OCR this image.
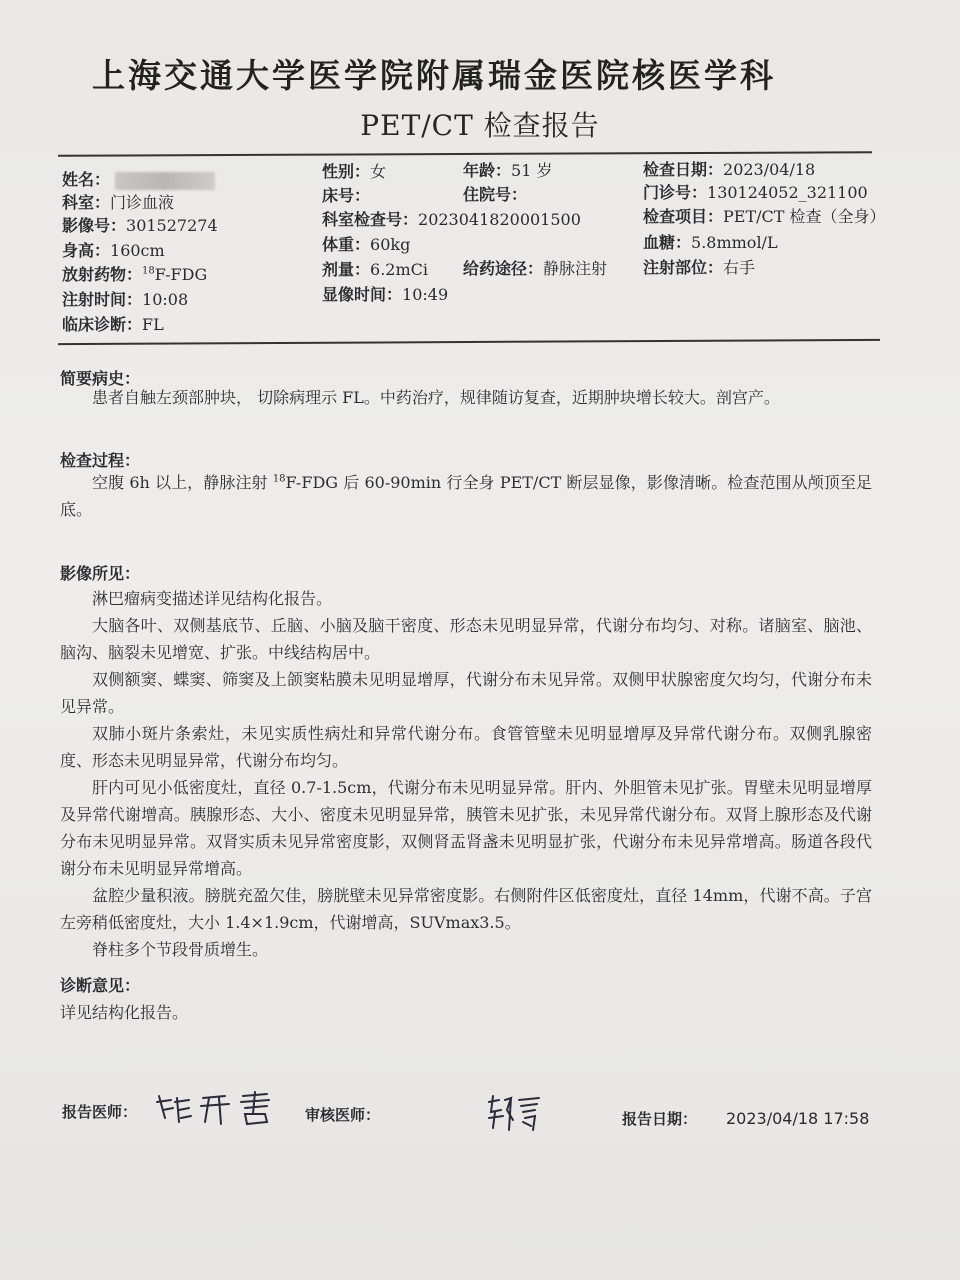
上海交通大学医学院附属瑞金医院核医学科
PET/CT 检查报告
姓名：
科室：门诊血液
影像号：301527274
身高：160cm
放射药物：$^{18}$F-FDG
注射时间：10:08
临床诊断：FL
性别：女
床号：
科室检查号：2023041820001500
体重：60kg
剂量：6.2mCi
显像时间：10:49
年龄：51 岁
住院号：
给药途径：静脉注射
检查日期：2023/04/18
门诊号：130124052_321100
检查项目：PET/CT 检查（全身）
血糖：5.8mmol/L
注射部位：右手
简要病史：

患者自触左颈部肿块， 切除病理示 FL。中药治疗，规律随访复查，近期肿块增长较大。剖宫产。

检查过程：

空腹 6h 以上，静脉注射 $^{18}$F-FDG 后 60-90min 行全身 PET/CT 断层显像，影像清晰。检查范围从颅顶至足底。

影像所见：

淋巴瘤病变描述详见结构化报告。

大脑各叶、双侧基底节、丘脑、小脑及脑干密度、形态未见明显异常，代谢分布均匀、对称。诸脑室、脑池、脑沟、脑裂未见增宽、扩张。中线结构居中。

双侧额窦、蝶窦、筛窦及上颌窦粘膜未见明显增厚，代谢分布未见异常。双侧甲状腺密度欠均匀，代谢分布未见异常。

双肺小斑片条索灶，未见实质性病灶和异常代谢分布。食管管壁未见明显增厚及异常代谢分布。双侧乳腺密度、形态未见明显异常，代谢分布均匀。

肝内可见小低密度灶，直径 0.7-1.5cm，代谢分布未见明显异常。肝内、外胆管未见扩张。胃壁未见明显增厚及异常代谢增高。胰腺形态、大小、密度未见明显异常，胰管未见扩张，未见异常代谢分布。双肾上腺形态及代谢分布未见明显异常。双肾实质未见异常密度影，双侧肾盂肾盏未见明显扩张，代谢分布未见异常增高。肠道各段代谢分布未见明显异常增高。

盆腔少量积液。膀胱充盈欠佳，膀胱壁未见异常密度影。右侧附件区低密度灶，直径 14mm，代谢不高。子宫左旁稍低密度灶，大小 1.4×1.9cm，代谢增高，SUVmax3.5。

脊柱多个节段骨质增生。

诊断意见：

详见结构化报告。

报告医师：	审核医师：	报告日期： 2023/04/18 17:58
